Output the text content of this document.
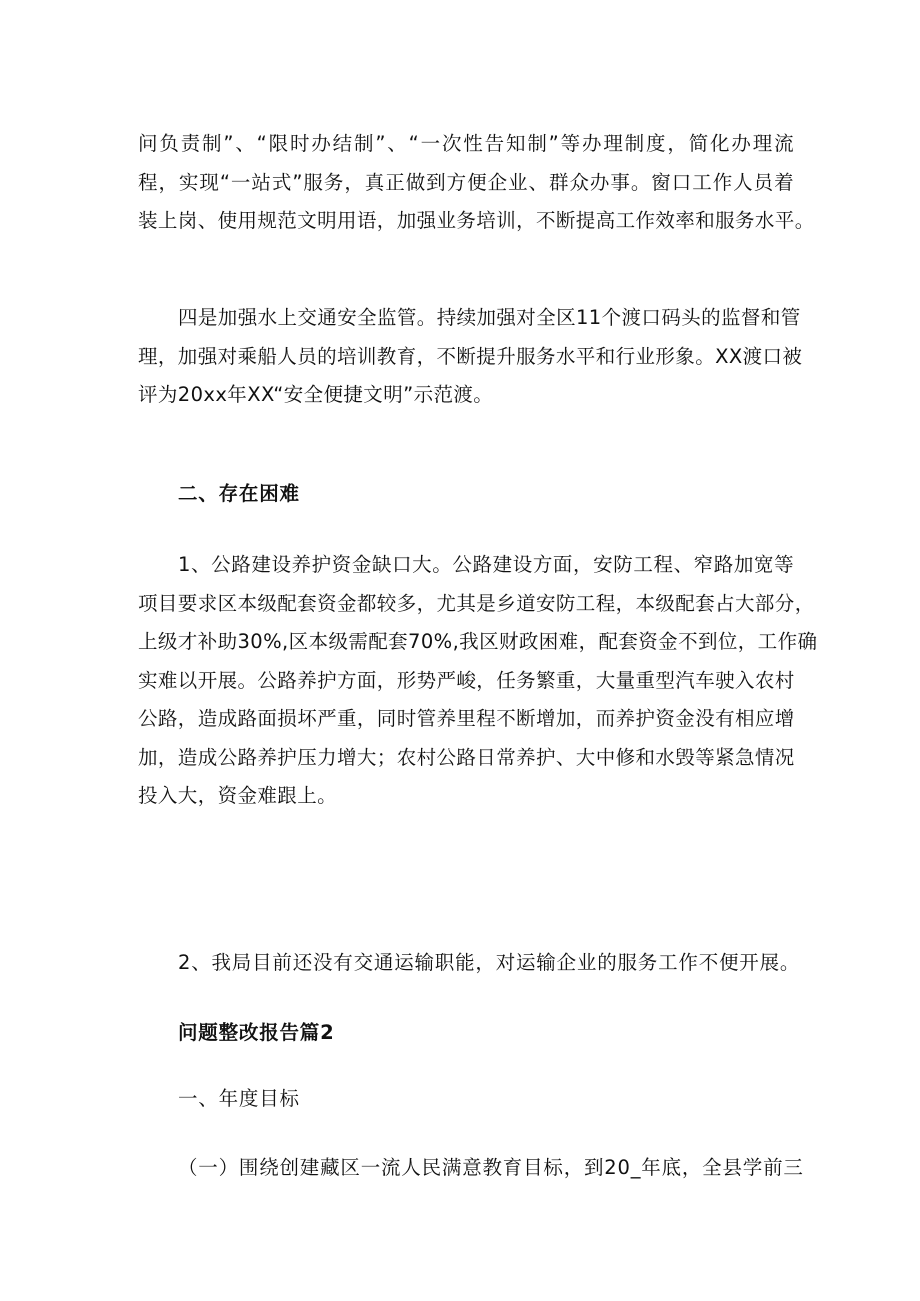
问负责制”、“限时办结制”、“一次性告知制”等办理制度，简化办理流
程，实现“一站式”服务，真正做到方便企业、群众办事。窗口工作人员着
装上岗、使用规范文明用语，加强业务培训，不断提高工作效率和服务水平。
四是加强水上交通安全监管。持续加强对全区11个渡口码头的监督和管
理，加强对乘船人员的培训教育，不断提升服务水平和行业形象。XX渡口被
评为20xx年XX“安全便捷文明”示范渡。
二、存在困难
1、公路建设养护资金缺口大。公路建设方面，安防工程、窄路加宽等
项目要求区本级配套资金都较多，尤其是乡道安防工程，本级配套占大部分，
上级才补助30%,区本级需配套70%,我区财政困难，配套资金不到位，工作确
实难以开展。公路养护方面，形势严峻，任务繁重，大量重型汽车驶入农村
公路，造成路面损坏严重，同时管养里程不断增加，而养护资金没有相应增
加，造成公路养护压力增大；农村公路日常养护、大中修和水毁等紧急情况
投入大，资金难跟上。
2、我局目前还没有交通运输职能，对运输企业的服务工作不便开展。
问题整改报告篇2
一、年度目标
（一）围绕创建藏区一流人民满意教育目标，到20_年底，全县学前三
